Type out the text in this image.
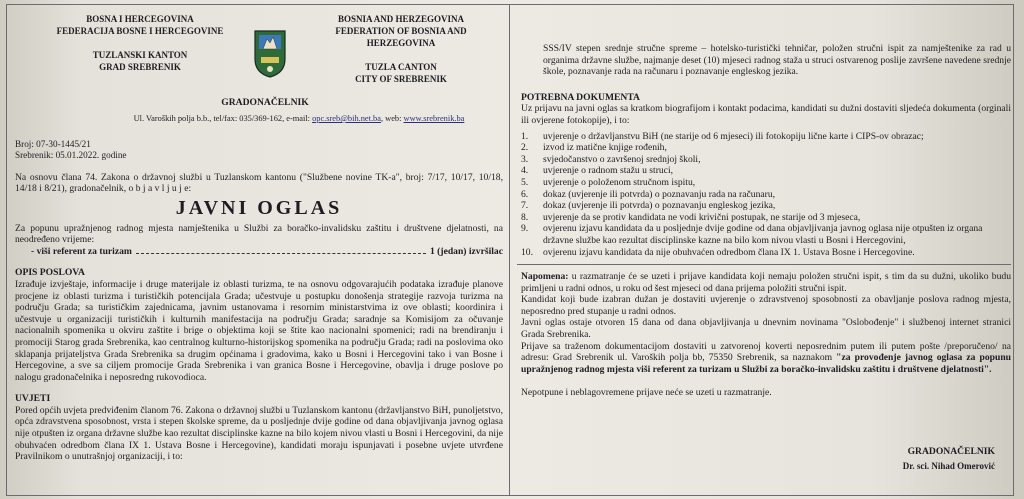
BOSNA I HERCEGOVINA
FEDERACIJA BOSNE I HERCEGOVINE
TUZLANSKI KANTON
GRAD SREBRENIK
BOSNIA AND HERZEGOVINA
FEDERATION OF BOSNIA AND HERZEGOVINA
TUZLA CANTON
CITY OF SREBRENIK
GRADONAČELNIK
Ul. Varoških polja b.b., tel/fax: 035/369-162, e-mail: opc.sreb@bih.net.ba, web: www.srebrenik.ba
Broj: 07-30-1445/21
Srebrenik: 05.01.2022. godine

Na osnovu člana 74. Zakona o državnoj službi u Tuzlanskom kantonu ("Službene novine TK-a", broj: 7/17, 10/17, 10/18, 14/18 i 8/21), gradonačelnik, o b j a v l j u j e:

JAVNI OGLAS

Za popunu upražnjenog radnog mjesta namještenika u Službi za boračko-invalidsku zaštitu i društvene djelatnosti, na neodređeno vrijeme:

- viši referent za turizam	1 (jedan) izvršilac
OPIS POSLOVA

Izrađuje izvještaje, informacije i druge materijale iz oblasti turizma, te na osnovu odgovarajućih podataka izrađuje planove procjene iz oblasti turizma i turističkih potencijala Grada; učestvuje u postupku donošenja strategije razvoja turizma na području Grada; sa turističkim zajednicama, javnim ustanovama i resornim ministarstvima iz ove oblasti; koordinira i učestvuje u organizaciji turističkih i kulturnih manifestacija na području Grada; saradnje sa Komisijom za očuvanje nacionalnih spomenika u okviru zaštite i brige o objektima koji se štite kao nacionalni spomenici; radi na brendiranju i promociji Starog grada Srebrenika, kao centralnog kulturno-historijskog spomenika na području Grada; radi na poslovima oko sklapanja prijateljstva Grada Srebrenika sa drugim općinama i gradovima, kako u Bosni i Hercegovini tako i van Bosne i Hercegovine, a sve sa ciljem promocije Grada Srebrenika i van granica Bosne i Hercegovine, obavlja i druge poslove po nalogu gradonačelnika i neposredng rukovodioca.

UVJETI

Pored općih uvjeta predviđenim članom 76. Zakona o državnoj službi u Tuzlanskom kantonu (državljanstvo BiH, punoljetstvo, opća zdravstvena sposobnost, vrsta i stepen školske spreme, da u posljednje dvije godine od dana objavljivanja javnog oglasa nije otpušten iz organa državne službe kao rezultat disciplinske kazne na bilo kojem nivou vlasti u Bosni i Hercegovini, da nije obuhvaćen odredbom člana IX 1. Ustava Bosne i Hercegovine), kandidati moraju ispunjavati i posebne uvjete utvrđene Pravilnikom o unutrašnjoj organizaciji, i to:

SSS/IV stepen srednje stručne spreme – hotelsko-turistički tehničar, položen stručni ispit za namještenike za rad u organima državne službe, najmanje deset (10) mjeseci radnog staža u struci ostvarenog poslije završene navedene srednje škole, poznavanje rada na računaru i poznavanje engleskog jezika.

POTREBNA DOKUMENTA

Uz prijavu na javni oglas sa kratkom biografijom i kontakt podacima, kandidati su dužni dostaviti sljedeća dokumenta (orginali ili ovjerene fotokopije), i to:

1.	uvjerenje o državljanstvu BiH (ne starije od 6 mjeseci) ili fotokopiju lične karte i CIPS-ov obrazac;
2.	izvod iz matične knjige rođenih,
3.	svjedočanstvo o završenoj srednjoj školi,
4.	uvjerenje o radnom stažu u struci,
5.	uvjerenje o položenom stručnom ispitu,
6.	dokaz (uvjerenje ili potvrda) o poznavanju rada na računaru,
7.	dokaz (uvjerenje ili potvrda) o poznavanju engleskog jezika,
8.	uvjerenje da se protiv kandidata ne vodi krivični postupak, ne starije od 3 mjeseca,
9.	ovjerenu izjavu kandidata da u posljednje dvije godine od dana objavljivanja javnog oglasa nije otpušten iz organa državne službe kao rezultat disciplinske kazne na bilo kom nivou vlasti u Bosni i Hercegovini,
10.	ovjerenu izjavu kandidata da nije obuhvaćen odredbom člana IX 1. Ustava Bosne i Hercegovine.

Napomena: u razmatranje će se uzeti i prijave kandidata koji nemaju položen stručni ispit, s tim da su dužni, ukoliko budu primljeni u radni odnos, u roku od šest mjeseci od dana prijema položiti stručni ispit.

Kandidat koji bude izabran dužan je dostaviti uvjerenje o zdravstvenoj sposobnosti za obavljanje poslova radnog mjesta, neposredno pred stupanje u radni odnos.

Javni oglas ostaje otvoren 15 dana od dana objavljivanja u dnevnim novinama "Oslobođenje" i službenoj internet stranici Grada Srebrenika.

Prijave sa traženom dokumentacijom dostaviti u zatvorenoj koverti neposrednim putem ili putem pošte /preporučeno/ na adresu: Grad Srebrenik ul. Varoških polja bb, 75350 Srebrenik, sa naznakom "za provođenje javnog oglasa za popunu upražnjenog radnog mjesta viši referent za turizam u Službi za boračko-invalidsku zaštitu i društvene djelatnosti".

Nepotpune i neblagovremene prijave neće se uzeti u razmatranje.

GRADONAČELNIK
Dr. sci. Nihad Omerović
